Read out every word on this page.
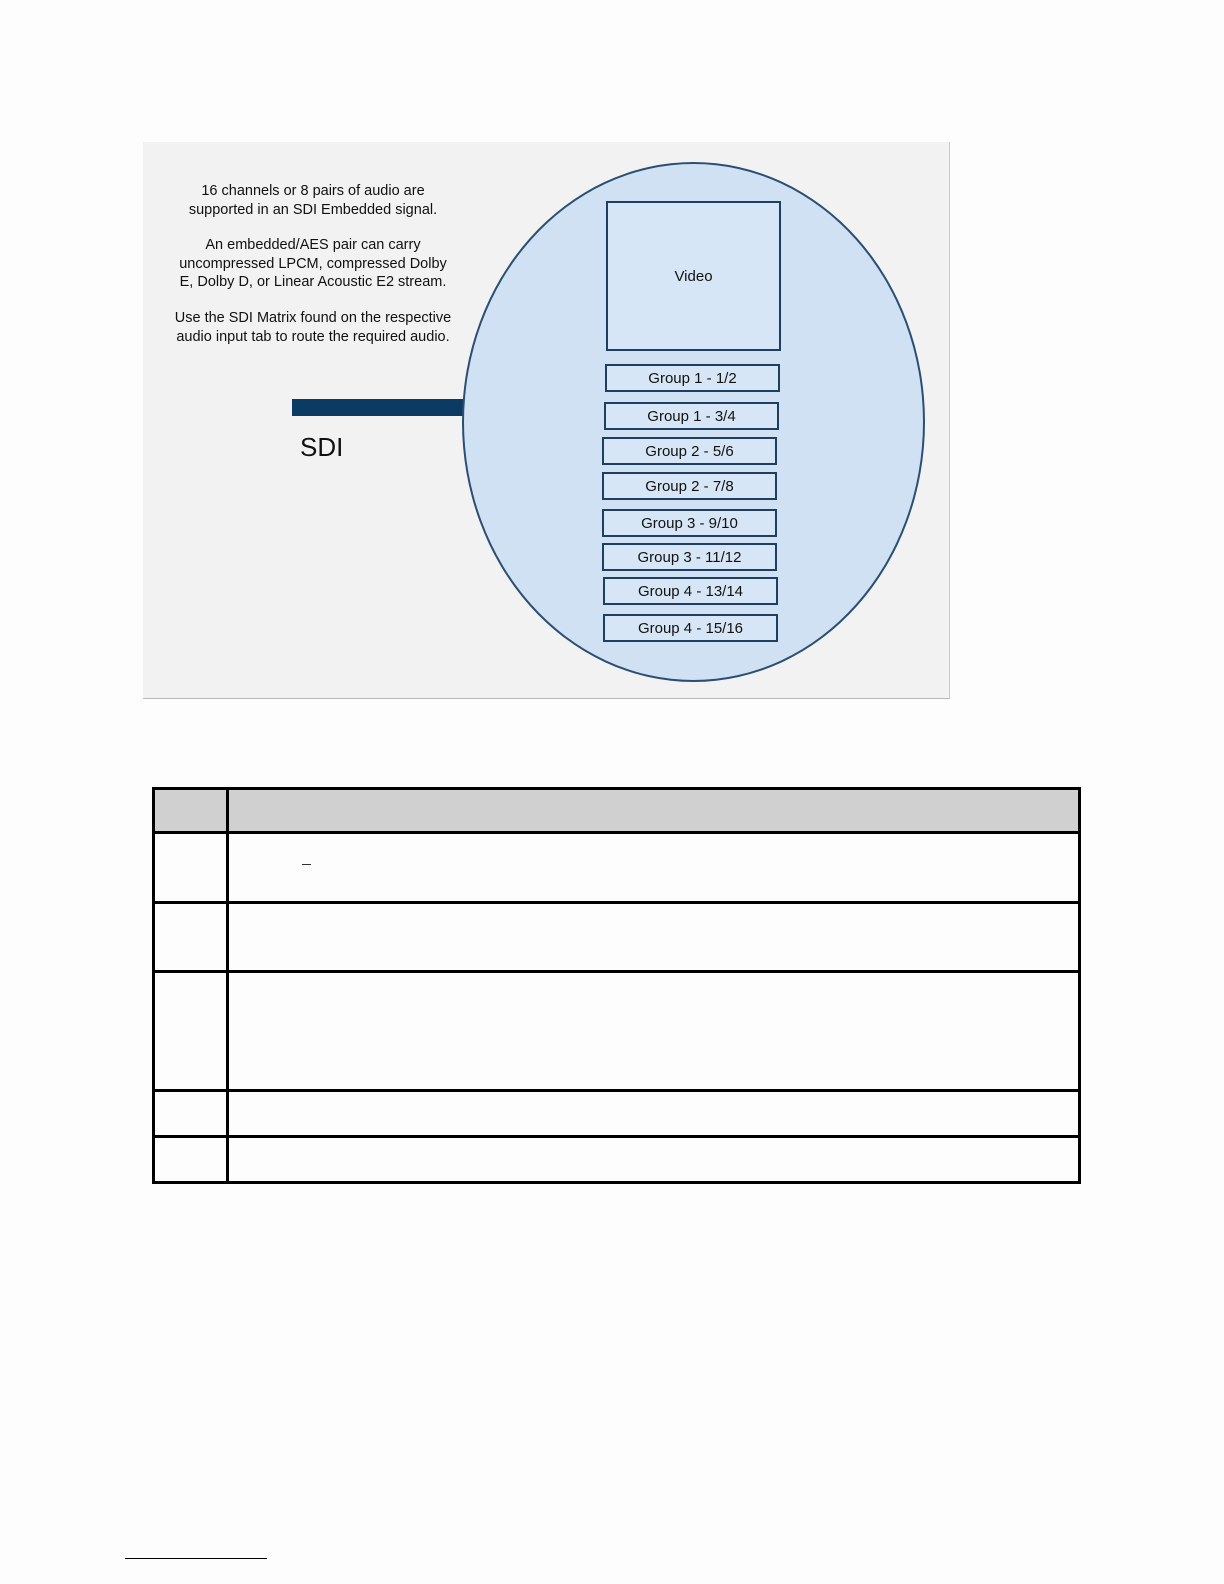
16 channels or 8 pairs of audio are
supported in an SDI Embedded signal.
An embedded/AES pair can carry
uncompressed LPCM, compressed Dolby
E, Dolby D, or Linear Acoustic E2 stream.
Use the SDI Matrix found on the respective
audio input tab to route the required audio.
SDI
Video
Group 1 - 1/2
Group 1 - 3/4
Group 2 - 5/6
Group 2 - 7/8
Group 3 - 9/10
Group 3 - 11/12
Group 4 - 13/14
Group 4 - 15/16
